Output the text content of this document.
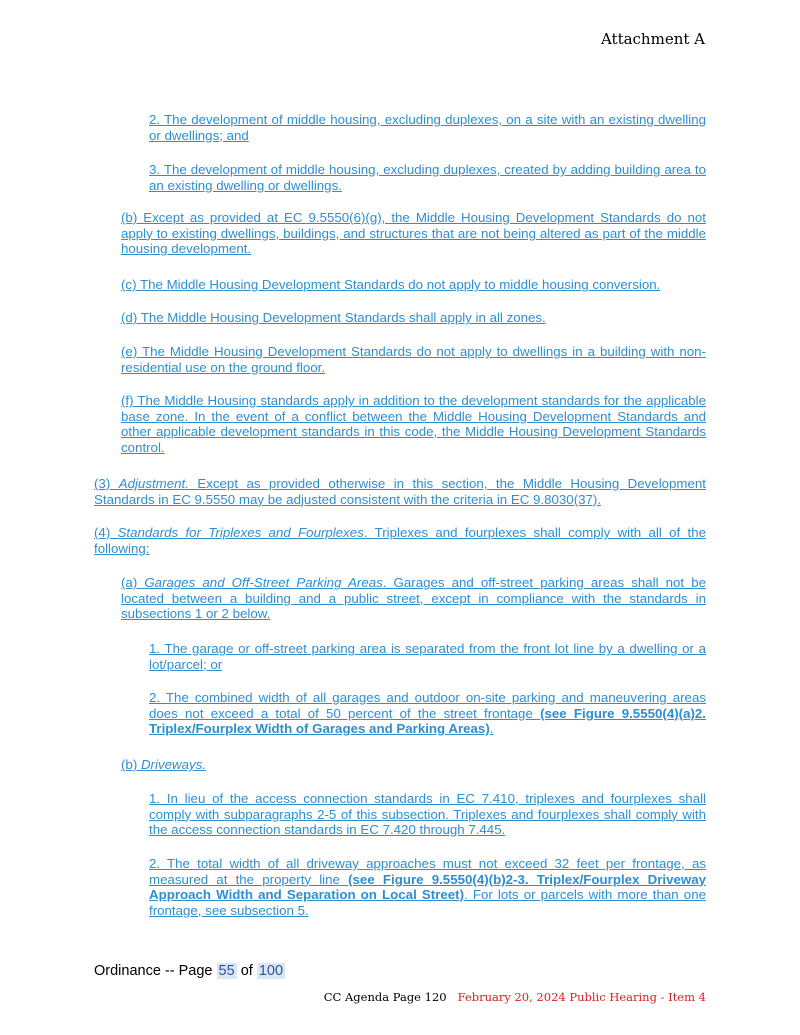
Attachment A
2. The development of middle housing, excluding duplexes, on a site with an existing dwelling or dwellings; and
3. The development of middle housing, excluding duplexes, created by adding building area to an existing dwelling or dwellings.
(b) Except as provided at EC 9.5550(6)(g), the Middle Housing Development Standards do not apply to existing dwellings, buildings, and structures that are not being altered as part of the middle housing development.
(c) The Middle Housing Development Standards do not apply to middle housing conversion.
(d) The Middle Housing Development Standards shall apply in all zones.
(e) The Middle Housing Development Standards do not apply to dwellings in a building with non-residential use on the ground floor.
(f) The Middle Housing standards apply in addition to the development standards for the applicable base zone. In the event of a conflict between the Middle Housing Development Standards and other applicable development standards in this code, the Middle Housing Development Standards control.
(3) Adjustment. Except as provided otherwise in this section, the Middle Housing Development Standards in EC 9.5550 may be adjusted consistent with the criteria in EC 9.8030(37).
(4) Standards for Triplexes and Fourplexes. Triplexes and fourplexes shall comply with all of the following:
(a) Garages and Off-Street Parking Areas. Garages and off-street parking areas shall not be located between a building and a public street, except in compliance with the standards in subsections 1 or 2 below.
1. The garage or off-street parking area is separated from the front lot line by a dwelling or a lot/parcel; or
2. The combined width of all garages and outdoor on-site parking and maneuvering areas does not exceed a total of 50 percent of the street frontage (see Figure 9.5550(4)(a)2. Triplex/Fourplex Width of Garages and Parking Areas).
(b) Driveways.
1. In lieu of the access connection standards in EC 7.410, triplexes and fourplexes shall comply with subparagraphs 2-5 of this subsection. Triplexes and fourplexes shall comply with the access connection standards in EC 7.420 through 7.445.
2. The total width of all driveway approaches must not exceed 32 feet per frontage, as measured at the property line (see Figure 9.5550(4)(b)2-3. Triplex/Fourplex Driveway Approach Width and Separation on Local Street). For lots or parcels with more than one frontage, see subsection 5.
Ordinance -- Page 55 of 100
CC Agenda Page 120 February 20, 2024 Public Hearing - Item 4
